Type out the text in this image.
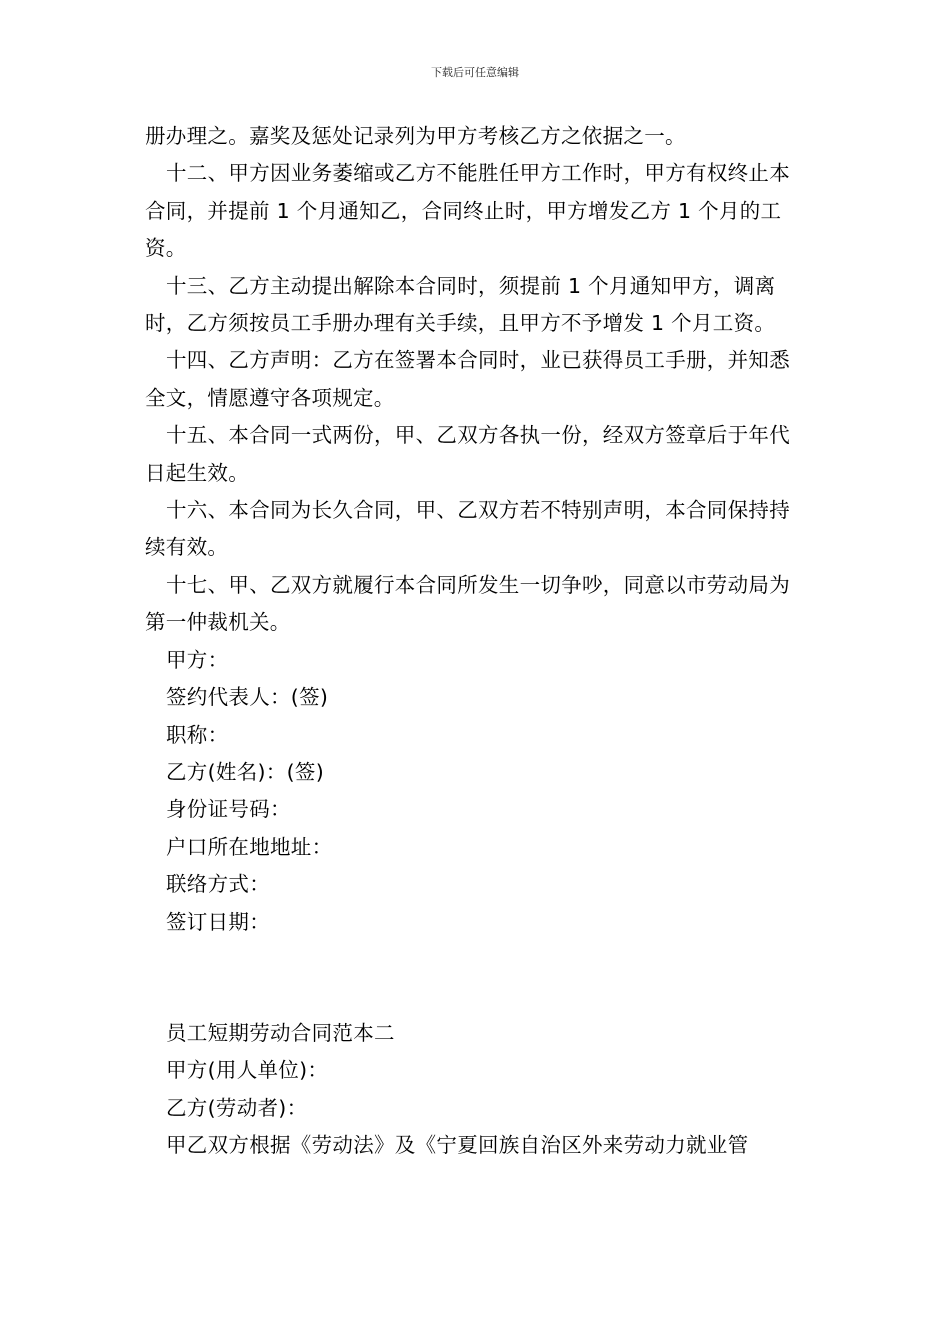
下载后可任意编辑

册办理之。嘉奖及惩处记录列为甲方考核乙方之依据之一。

十二、甲方因业务萎缩或乙方不能胜任甲方工作时，甲方有权终止本合同，并提前 1 个月通知乙，合同终止时，甲方增发乙方 1 个月的工资。

十三、乙方主动提出解除本合同时，须提前 1 个月通知甲方，调离时，乙方须按员工手册办理有关手续，且甲方不予增发 1 个月工资。

十四、乙方声明：乙方在签署本合同时，业已获得员工手册，并知悉全文，情愿遵守各项规定。

十五、本合同一式两份，甲、乙双方各执一份，经双方签章后于年代日起生效。

十六、本合同为长久合同，甲、乙双方若不特别声明，本合同保持持续有效。

十七、甲、乙双方就履行本合同所发生一切争吵，同意以市劳动局为第一仲裁机关。

甲方：

签约代表人：(签)

职称：

乙方(姓名)：(签)

身份证号码：

户口所在地地址：

联络方式：

签订日期：

员工短期劳动合同范本二

甲方(用人单位)：

乙方(劳动者)：

甲乙双方根据《劳动法》及《宁夏回族自治区外来劳动力就业管
